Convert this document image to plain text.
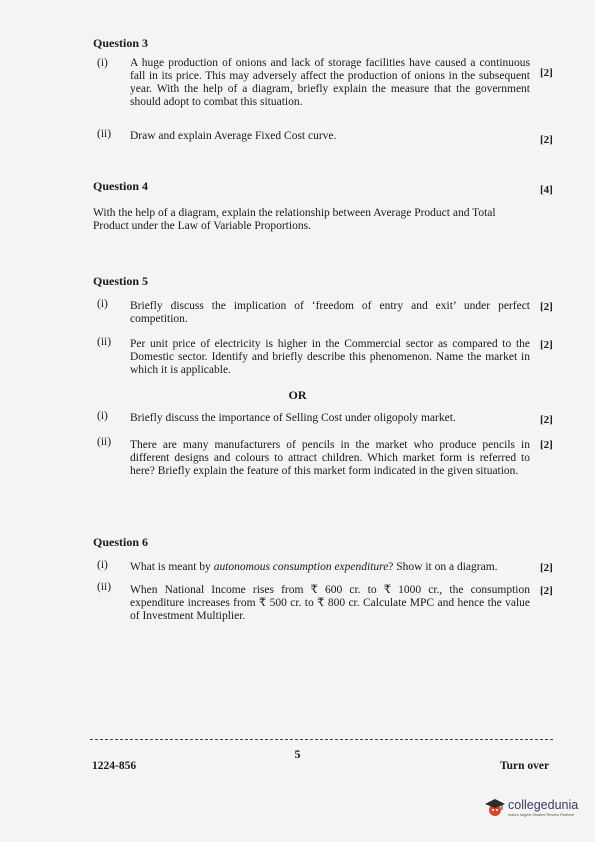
Question 3
(i) A huge production of onions and lack of storage facilities have caused a continuous fall in its price. This may adversely affect the production of onions in the subsequent year. With the help of a diagram, briefly explain the measure that the government should adopt to combat this situation.
[2]
(ii) Draw and explain Average Fixed Cost curve.	[2]
Question 4	[4]
With the help of a diagram, explain the relationship between Average Product and Total Product under the Law of Variable Proportions.
Question 5
(i) Briefly discuss the implication of ‘freedom of entry and exit’ under perfect competition.
[2]
(ii) Per unit price of electricity is higher in the Commercial sector as compared to the Domestic sector. Identify and briefly describe this phenomenon. Name the market in which it is applicable.
[2]
OR
(i) Briefly discuss the importance of Selling Cost under oligopoly market.	[2]
(ii) There are many manufacturers of pencils in the market who produce pencils in different designs and colours to attract children. Which market form is referred to here? Briefly explain the feature of this market form indicated in the given situation.
[2]
Question 6
(i) What is meant by autonomous consumption expenditure? Show it on a diagram.	[2]
(ii) When National Income rises from ₹ 600 cr. to ₹ 1000 cr., the consumption expenditure increases from ₹ 500 cr. to ₹ 800 cr. Calculate MPC and hence the value of Investment Multiplier.
[2]
5
1224-856	Turn over
collegedunia
India's largest Student Review Platform
